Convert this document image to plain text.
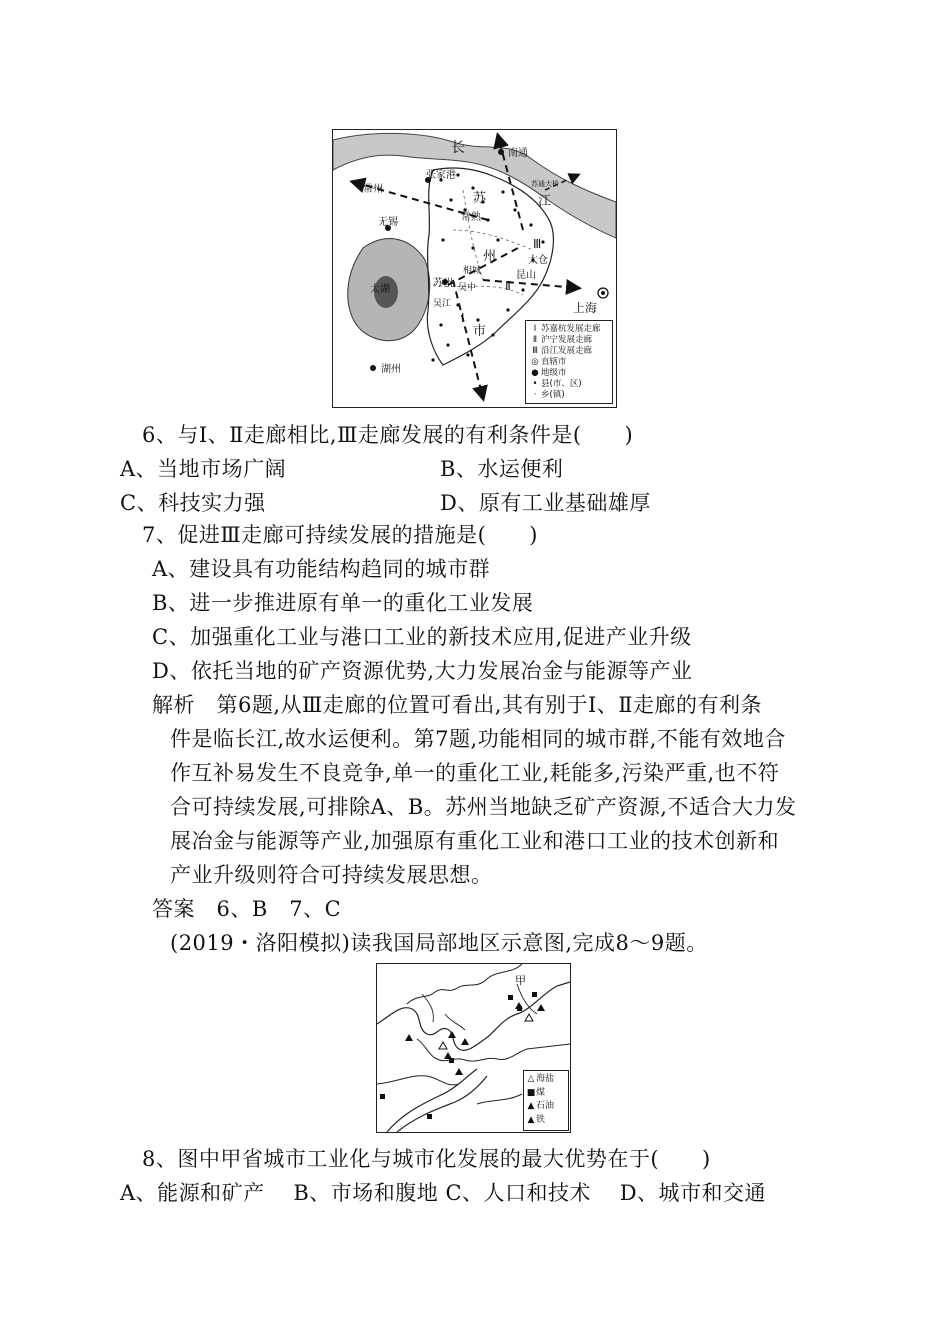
长	南通
张家港
苏通大桥
常州
苏	江
无锡	常熟
Ⅲ
州	太仓
相城	昆山
苏州 吴中 Ⅱ
太湖
吴江	上海
Ⅰ
市
湖州
Ⅰ 苏嘉杭发展走廊
Ⅱ 沪宁发展走廊
Ⅲ 沿江发展走廊
◎ 直辖市
● 地级市
• 县(市、区)
· 乡(镇)
6、与Ⅰ、Ⅱ走廊相比,Ⅲ走廊发展的有利条件是(　　)
A、当地市场广阔	B、水运便利
C、科技实力强	D、原有工业基础雄厚
7、促进Ⅲ走廊可持续发展的措施是(　　)
A、建设具有功能结构趋同的城市群
B、进一步推进原有单一的重化工业发展
C、加强重化工业与港口工业的新技术应用,促进产业升级
D、依托当地的矿产资源优势,大力发展冶金与能源等产业
解析　第6题,从Ⅲ走廊的位置可看出,其有别于Ⅰ、Ⅱ走廊的有利条
件是临长江,故水运便利。第7题,功能相同的城市群,不能有效地合
作互补易发生不良竞争,单一的重化工业,耗能多,污染严重,也不符
合可持续发展,可排除A、B。苏州当地缺乏矿产资源,不适合大力发
展冶金与能源等产业,加强原有重化工业和港口工业的技术创新和
产业升级则符合可持续发展思想。
答案　6、B　7、C
(2019・洛阳模拟)读我国局部地区示意图,完成8～9题。
甲
△ 海盐
■ 煤
▲ 石油
▲ 铁
8、图中甲省城市工业化与城市化发展的最大优势在于(　　)
A、能源和矿产　 B、市场和腹地 C、人口和技术　 D、城市和交通
